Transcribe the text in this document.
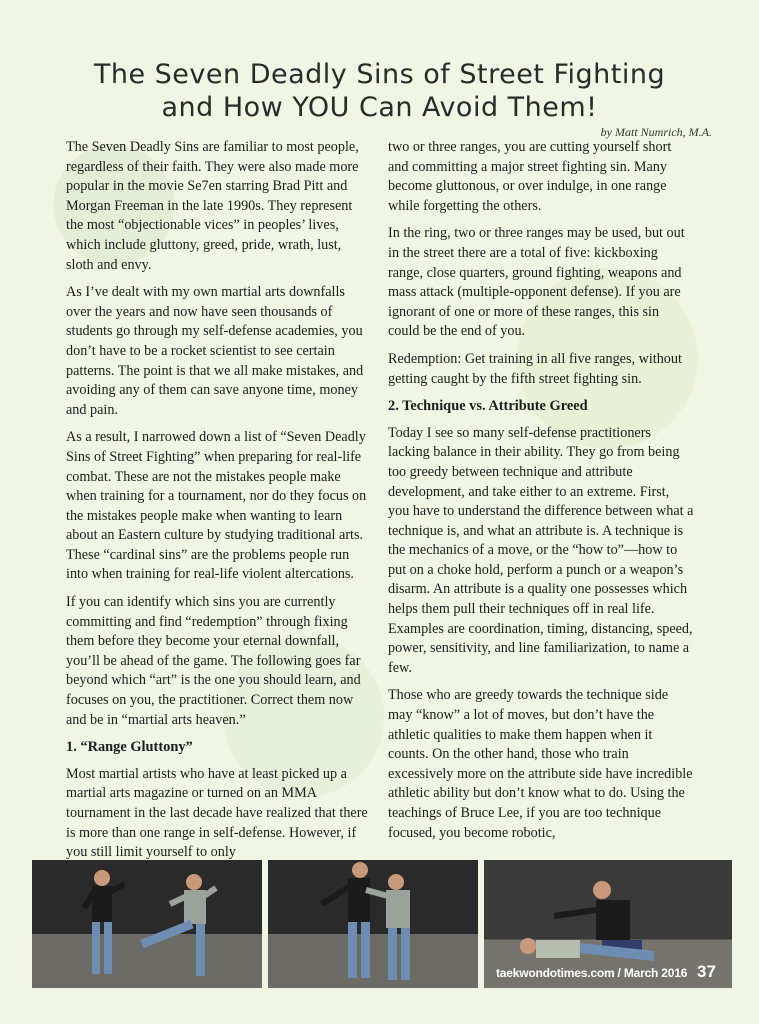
The Seven Deadly Sins of Street Fighting
and How YOU Can Avoid Them!
by Matt Numrich, M.A.

The Seven Deadly Sins are familiar to most people, regardless of their faith. They were also made more popular in the movie Se7en starring Brad Pitt and Morgan Freeman in the late 1990s. They represent the most “objectionable vices” in peoples’ lives, which include gluttony, greed, pride, wrath, lust, sloth and envy.

As I’ve dealt with my own martial arts downfalls over the years and now have seen thousands of students go through my self-defense academies, you don’t have to be a rocket scientist to see certain patterns. The point is that we all make mistakes, and avoiding any of them can save anyone time, money and pain.

As a result, I narrowed down a list of “Seven Deadly Sins of Street Fighting” when preparing for real-life combat. These are not the mistakes people make when training for a tournament, nor do they focus on the mistakes people make when wanting to learn about an Eastern culture by studying traditional arts. These “cardinal sins” are the problems people run into when training for real-life violent altercations.

If you can identify which sins you are currently committing and find “redemption” through fixing them before they become your eternal downfall, you’ll be ahead of the game. The following goes far beyond which “art” is the one you should learn, and focuses on you, the practitioner. Correct them now and be in “martial arts heaven.”

1. “Range Gluttony”

Most martial artists who have at least picked up a martial arts magazine or turned on an MMA tournament in the last decade have realized that there is more than one range in self-defense. However, if you still limit yourself to only

two or three ranges, you are cutting yourself short and committing a major street fighting sin. Many become gluttonous, or over indulge, in one range while forgetting the others.

In the ring, two or three ranges may be used, but out in the street there are a total of five: kickboxing range, close quarters, ground fighting, weapons and mass attack (multiple-opponent defense). If you are ignorant of one or more of these ranges, this sin could be the end of you.

Redemption: Get training in all five ranges, without getting caught by the fifth street fighting sin.

2. Technique vs. Attribute Greed

Today I see so many self-defense practitioners lacking balance in their ability. They go from being too greedy between technique and attribute development, and take either to an extreme. First, you have to understand the difference between what a technique is, and what an attribute is. A technique is the mechanics of a move, or the “how to”—how to put on a choke hold, perform a punch or a weapon’s disarm. An attribute is a quality one possesses which helps them pull their techniques off in real life. Examples are coordination, timing, distancing, speed, power, sensitivity, and line familiarization, to name a few.

Those who are greedy towards the technique side may “know” a lot of moves, but don’t have the athletic qualities to make them happen when it counts. On the other hand, those who train excessively more on the attribute side have incredible athletic ability but don’t know what to do. Using the teachings of Bruce Lee, if you are too technique focused, you become robotic,

taekwondotimes.com / March 2016 37
